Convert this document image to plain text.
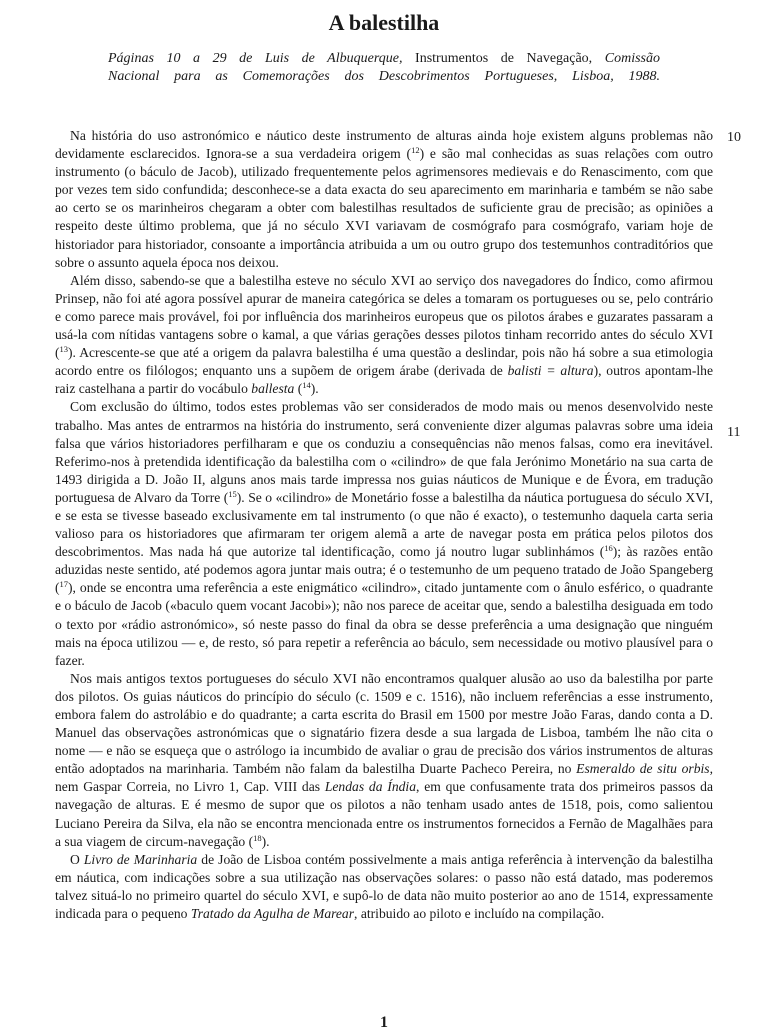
A balestilha
Páginas 10 a 29 de Luis de Albuquerque, Instrumentos de Navegação, Comissão
Nacional para as Comemorações dos Descobrimentos Portugueses, Lisboa, 1988.
10
11

Na história do uso astronómico e náutico deste instrumento de alturas ainda hoje existem alguns problemas não devidamente esclarecidos. Ignora-se a sua verdadeira origem ($^{12}$) e são mal conhecidas as suas relações com outro instrumento (o báculo de Jacob), utilizado frequentemente pelos agrimensores medievais e do Renascimento, com que por vezes tem sido confundida; desconhece-se a data exacta do seu aparecimento em marinharia e também se não sabe ao certo se os marinheiros chegaram a obter com balestilhas resultados de suficiente grau de precisão; as opiniões a respeito deste último problema, que já no século XVI variavam de cosmógrafo para cosmógrafo, variam hoje de historiador para historiador, consoante a importância atribuida a um ou outro grupo dos testemunhos contraditórios que sobre o assunto aquela época nos deixou.

Além disso, sabendo-se que a balestilha esteve no século XVI ao serviço dos navegadores do Índico, como afirmou Prinsep, não foi até agora possível apurar de maneira categórica se deles a tomaram os portugueses ou se, pelo contrário e como parece mais provável, foi por influência dos marinheiros europeus que os pilotos árabes e guzarates passaram a usá-la com nítidas vantagens sobre o kamal, a que várias gerações desses pilotos tinham recorrido antes do século XVI ($^{13}$). Acrescente-se que até a origem da palavra balestilha é uma questão a deslindar, pois não há sobre a sua etimologia acordo entre os filólogos; enquanto uns a supõem de origem árabe (derivada de balisti = altura), outros apontam-lhe raiz castelhana a partir do vocábulo ballesta ($^{14}$).

Com exclusão do último, todos estes problemas vão ser considerados de modo mais ou menos desenvolvido neste trabalho. Mas antes de entrarmos na história do instrumento, será conveniente dizer algumas palavras sobre uma ideia falsa que vários historiadores perfilharam e que os conduziu a consequências não menos falsas, como era inevitável. Referimo-nos à pretendida identificação da balestilha com o «cilindro» de que fala Jerónimo Monetário na sua carta de 1493 dirigida a D. João II, alguns anos mais tarde impressa nos guias náuticos de Munique e de Évora, em tradução portuguesa de Alvaro da Torre ($^{15}$). Se o «cilindro» de Monetário fosse a balestilha da náutica portuguesa do século XVI, e se esta se tivesse baseado exclusivamente em tal instrumento (o que não é exacto), o testemunho daquela carta seria valioso para os historiadores que afirmaram ter origem alemã a arte de navegar posta em prática pelos pilotos dos descobrimentos. Mas nada há que autorize tal identificação, como já noutro lugar sublinhámos ($^{16}$); às razões então aduzidas neste sentido, até podemos agora juntar mais outra; é o testemunho de um pequeno tratado de João Spangeberg ($^{17}$), onde se encontra uma referência a este enigmático «cilindro», citado juntamente com o ânulo esférico, o quadrante e o báculo de Jacob («baculo quem vocant Jacobi»); não nos parece de aceitar que, sendo a balestilha desiguada em todo o texto por «rádio astronómico», só neste passo do final da obra se desse preferência a uma designação que ninguém mais na época utilizou — e, de resto, só para repetir a referência ao báculo, sem necessidade ou motivo plausível para o fazer.

Nos mais antigos textos portugueses do século XVI não encontramos qualquer alusão ao uso da balestilha por parte dos pilotos. Os guias náuticos do princípio do século (c. 1509 e c. 1516), não incluem referências a esse instrumento, embora falem do astrolábio e do quadrante; a carta escrita do Brasil em 1500 por mestre João Faras, dando conta a D. Manuel das observações astronómicas que o signatário fizera desde a sua largada de Lisboa, também lhe não cita o nome — e não se esqueça que o astrólogo ia incumbido de avaliar o grau de precisão dos vários instrumentos de alturas então adoptados na marinharia. Também não falam da balestilha Duarte Pacheco Pereira, no Esmeraldo de situ orbis, nem Gaspar Correia, no Livro 1, Cap. VIII das Lendas da Índia, em que confusamente trata dos primeiros passos da navegação de alturas. E é mesmo de supor que os pilotos a não tenham usado antes de 1518, pois, como salientou Luciano Pereira da Silva, ela não se encontra mencionada entre os instrumentos fornecidos a Fernão de Magalhães para a sua viagem de circum-navegação ($^{18}$).

O Livro de Marinharia de João de Lisboa contém possivelmente a mais antiga referência à intervenção da balestilha em náutica, com indicações sobre a sua utilização nas observações solares: o passo não está datado, mas poderemos talvez situá-lo no primeiro quartel do século XVI, e supô-lo de data não muito posterior ao ano de 1514, expressamente indicada para o pequeno Tratado da Agulha de Marear, atribuido ao piloto e incluído na compilação.

1
